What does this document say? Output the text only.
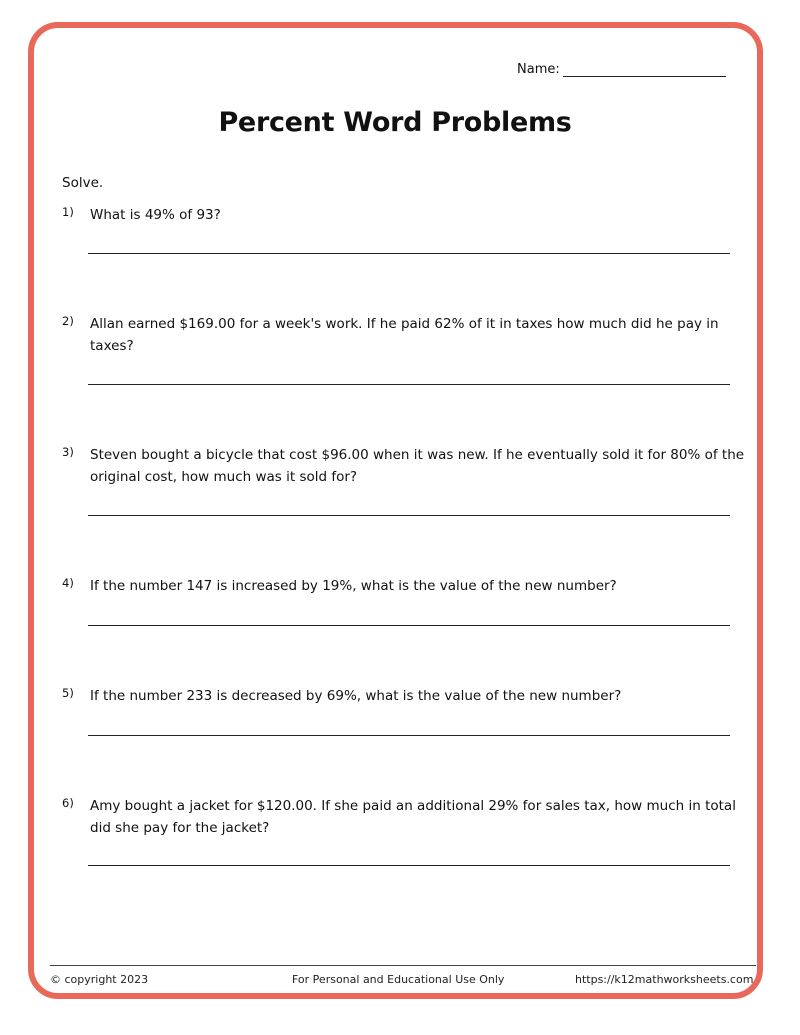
Name:
Percent Word Problems
Solve.
1) What is 49% of 93?
2) Allan earned $169.00 for a week's work. If he paid 62% of it in taxes how much did he pay in taxes?
3) Steven bought a bicycle that cost $96.00 when it was new. If he eventually sold it for 80% of the original cost, how much was it sold for?
4) If the number 147 is increased by 19%, what is the value of the new number?
5) If the number 233 is decreased by 69%, what is the value of the new number?
6) Amy bought a jacket for $120.00. If she paid an additional 29% for sales tax, how much in total did she pay for the jacket?
© copyright 2023	For Personal and Educational Use Only	https://k12mathworksheets.com
